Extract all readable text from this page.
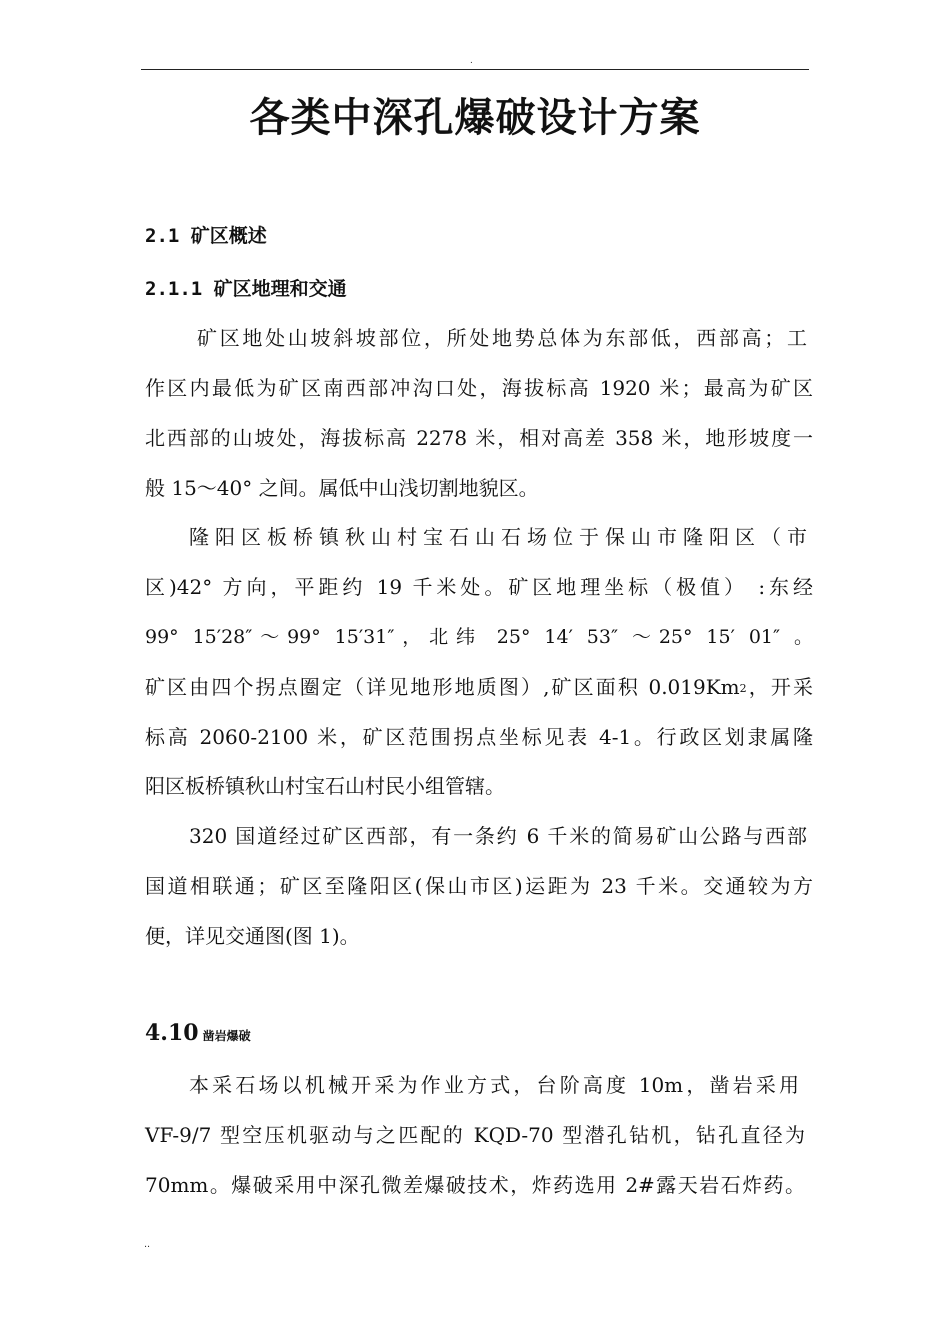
.
各类中深孔爆破设计方案
2.1 矿区概述
2.1.1 矿区地理和交通
矿区地处山坡斜坡部位，所处地势总体为东部低，西部高；工
作区内最低为矿区南西部冲沟口处，海拔标高 1920 米；最高为矿区
北西部的山坡处，海拔标高 2278 米，相对高差 358 米，地形坡度一
般 15～40° 之间。属低中山浅切割地貌区。
隆阳区板桥镇秋山村宝石山石场位于保山市隆阳区（市
区)42° 方向，平距约 19 千米处。矿区地理坐标（极值） :东经
99° 15′28″～99° 15′31″，北纬 25° 14′ 53″ ～25° 15′ 01″ 。
矿区由四个拐点圈定（详见地形地质图）,矿区面积 0.019Km$^2$，开采
标高 2060-2100 米，矿区范围拐点坐标见表 4-1。行政区划隶属隆
阳区板桥镇秋山村宝石山村民小组管辖。
320 国道经过矿区西部，有一条约 6 千米的简易矿山公路与西部
国道相联通；矿区至隆阳区(保山市区)运距为 23 千米。交通较为方
便，详见交通图(图 1)。
4.10 凿岩爆破
本采石场以机械开采为作业方式，台阶高度 10m，凿岩采用
VF-9/7 型空压机驱动与之匹配的 KQD-70 型潜孔钻机，钻孔直径为
70mm。爆破采用中深孔微差爆破技术，炸药选用 2#露天岩石炸药。
..
